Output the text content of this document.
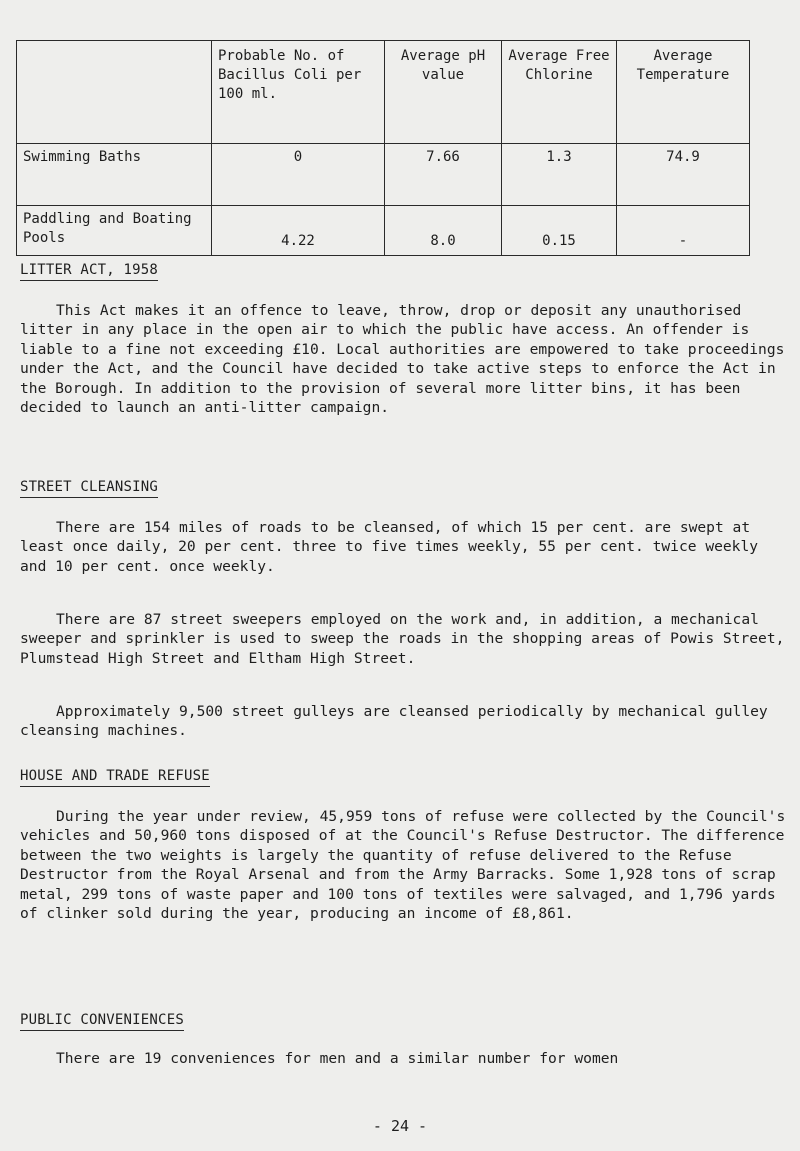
	Probable No. of Bacillus Coli per 100 ml.	Average pH value	Average Free Chlorine	Average Temperature
Swimming Baths	0	7.66	1.3	74.9
Paddling and Boating Pools	4.22	8.0	0.15	-
LITTER ACT, 1958

This Act makes it an offence to leave, throw, drop or deposit any unauthorised litter in any place in the open air to which the public have access. An offender is liable to a fine not exceeding £10. Local authorities are empowered to take proceedings under the Act, and the Council have decided to take active steps to enforce the Act in the Borough. In addition to the provision of several more litter bins, it has been decided to launch an anti-litter campaign.

STREET CLEANSING

There are 154 miles of roads to be cleansed, of which 15 per cent. are swept at least once daily, 20 per cent. three to five times weekly, 55 per cent. twice weekly and 10 per cent. once weekly.

There are 87 street sweepers employed on the work and, in addition, a mechanical sweeper and sprinkler is used to sweep the roads in the shopping areas of Powis Street, Plumstead High Street and Eltham High Street.

Approximately 9,500 street gulleys are cleansed periodically by mechanical gulley cleansing machines.

HOUSE AND TRADE REFUSE

During the year under review, 45,959 tons of refuse were collected by the Council's vehicles and 50,960 tons disposed of at the Council's Refuse Destructor. The difference between the two weights is largely the quantity of refuse delivered to the Refuse Destructor from the Royal Arsenal and from the Army Barracks. Some 1,928 tons of scrap metal, 299 tons of waste paper and 100 tons of textiles were salvaged, and 1,796 yards of clinker sold during the year, producing an income of £8,861.

PUBLIC CONVENIENCES

There are 19 conveniences for men and a similar number for women

- 24 -
